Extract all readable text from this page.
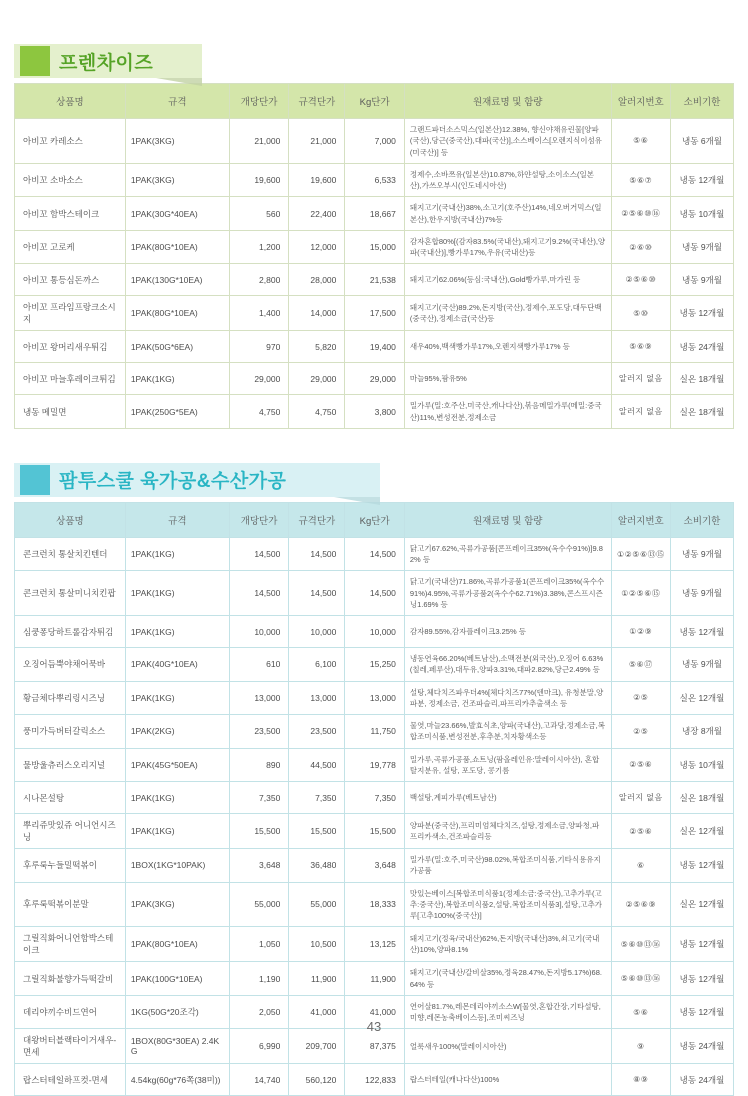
프렌차이즈
상품명	규격	개당단가	규격단가	Kg단가	원재료명 및 함량	알러지번호	소비기한
아비꼬 카레소스	1PAK(3KG)	21,000	21,000	7,000	그랜드파더소스믹스(일본산)12.38%, 향신야채유린물[양파(국산),당근(중국산),대파(국산)],소스베이스[오렌지식이섬유(미국산)] 등	⑤⑥	냉동 6개월
아비꼬 소바소스	1PAK(3KG)	19,600	19,600	6,533	정제수,소바쯔유(일본산)10.87%,하얀설탕,소이소스(일본산),가쓰오부시(인도네시아산)	⑤⑥⑦	냉동 12개월
아비꼬 함박스테이크	1PAK(30G*40EA)	560	22,400	18,667	돼지고기(국내산)38%,소고기(호주산)14%,네오버거믹스(일본산),한우지방(국내산)7%등	②⑤⑥⑩⑯	냉동 10개월
아비꼬 고로케	1PAK(80G*10EA)	1,200	12,000	15,000	감자혼합80%[(감자83.5%(국내산),돼지고기9.2%(국내산),양파(국내산)],빵가루17%,우유(국내산)등	②⑥⑩	냉동 9개월
아비꼬 통등심돈까스	1PAK(130G*10EA)	2,800	28,000	21,538	돼지고기62.06%(등심:국내산),Gold빵가루,마가린 등	②⑤⑥⑩	냉동 9개월
아비꼬 프라임프랑크소시지	1PAK(80G*10EA)	1,400	14,000	17,500	돼지고기(국산)89.2%,돈지방(국산),정제수,포도당,대두단백(중국산),정제소금(국산)등	⑤⑩	냉동 12개월
아비꼬 왕머리새우튀김	1PAK(50G*6EA)	970	5,820	19,400	새우40%,백색빵가루17%,오렌지색빵가루17% 등	⑤⑥⑨	냉동 24개월
아비꼬 마늘후레이크튀김	1PAK(1KG)	29,000	29,000	29,000	마늘95%,팜유5%	알러지 없음	실온 18개월
냉동 메밀면	1PAK(250G*5EA)	4,750	4,750	3,800	밀가루(밀:호주산,미국산,캐나다산),볶음메밀가루(메밀:중국산)11%,변성전분,정제소금	알러지 없음	실온 18개월
팜투스쿨 육가공&수산가공
상품명	규격	개당단가	규격단가	Kg단가	원재료명 및 함량	알러지번호	소비기한
콘크런치 통살치킨텐더	1PAK(1KG)	14,500	14,500	14,500	닭고기67.62%,곡류가공품[콘프레이크35%(옥수수91%)]9.82% 등	①②⑤⑥⑬⑮	냉동 9개월
콘크런치 통살미니치킨팝	1PAK(1KG)	14,500	14,500	14,500	닭고기(국내산)71.86%,곡류가공품1(콘프레이크35%(옥수수91%)4.95%,곡류가공품2(옥수수62.71%)3.38%,콘스프시즌닝1.69% 등	①②⑤⑥⑮	냉동 9개월
심쿵퐁당하트롤감자튀김	1PAK(1KG)	10,000	10,000	10,000	감자89.55%,감자플레이크3.25% 등	①②⑨	냉동 12개월
오징어듬뿍야채어묵바	1PAK(40G*10EA)	610	6,100	15,250	냉동연육66.20%(베트남산),소맥전분(외국산),오징어 6.63%(칠레,페루산),대두유,양파3.31%,대파2.82%,당근2.49% 등	⑤⑥⑰	냉동 9개월
황금체다뿌리링시즈닝	1PAK(1KG)	13,000	13,000	13,000	설탕,체다치즈파우더4%[체다치즈77%(덴마크), 유청분말,양파분, 정제소금, 건조파슬리,파프리카추출색소 등	②⑤	실온 12개월
풍미가득버터갈릭소스	1PAK(2KG)	23,500	23,500	11,750	물엿,마늘23.66%,발효식초,양파(국내산),고과당,정제소금,복합조미식품,변성전분,후추분,치자황색소등	②⑤	냉장 8개월
물방울츄러스오리지널	1PAK(45G*50EA)	890	44,500	19,778	밀가루,곡류가공품,쇼트닝(팜올레인유:말레이시아산), 혼합탈지분유, 설탕, 포도당, 콩기름	②⑤⑥	냉동 10개월
시나몬설탕	1PAK(1KG)	7,350	7,350	7,350	백설탕,계피가루(베트남산)	알러지 없음	실온 18개월
뿌리쥬맛있쥬 어니언시즈닝	1PAK(1KG)	15,500	15,500	15,500	양파분(중국산),프리미엄체다치즈,설탕,정제소금,양파청,파프리카색소,건조파슬리등	②⑤⑥	실온 12개월
후루룩누들밀떡볶이	1BOX(1KG*10PAK)	3,648	36,480	3,648	밀가루(밀:호주,미국산)98.02%,복합조미식품,기타식용유지가공품	⑥	냉동 12개월
후루룩떡볶이분말	1PAK(3KG)	55,000	55,000	18,333	맛있는베이스[복합조미식품1(정제소금:중국산),고추가루(고추:중국산),복합조미식품2,설탕,복합조미식품3],설탕,고추가루[고추100%(중국산)]	②⑤⑥⑨	실온 12개월
그릴직화어니언함박스테이크	1PAK(80G*10EA)	1,050	10,500	13,125	돼지고기(정육/국내산)62%,돈지방(국내산)3%,쇠고기(국내산)10%,양파8.1%	⑤⑥⑩⑬⑯	냉동 12개월
그릴직화불향가득떡갈비	1PAK(100G*10EA)	1,190	11,900	11,900	돼지고기(국내산/갈비살35%,정육28.47%,돈지방5.17%)68.64% 등	⑤⑥⑩⑬⑯	냉동 12개월
데리야끼수비드연어	1KG(50G*20조각)	2,050	41,000	41,000	연어살81.7%,레몬데리야끼소스W[물엿,혼합간장,기타설탕,미향,레몬농축베이스등],조미씨즈닝	⑤⑥	냉동 12개월
대왕버터블랙타이거새우-면세	1BOX(80G*30EA) 2.4KG	6,990	209,700	87,375	얼룩새우100%(말레이시아산)	⑨	냉동 24개월
랍스터테일하프컷-면세	4.54kg(60g*76쪽(38미))	14,740	560,120	122,833	랍스터테일(캐나다산)100%	⑧⑨	냉동 24개월
43
